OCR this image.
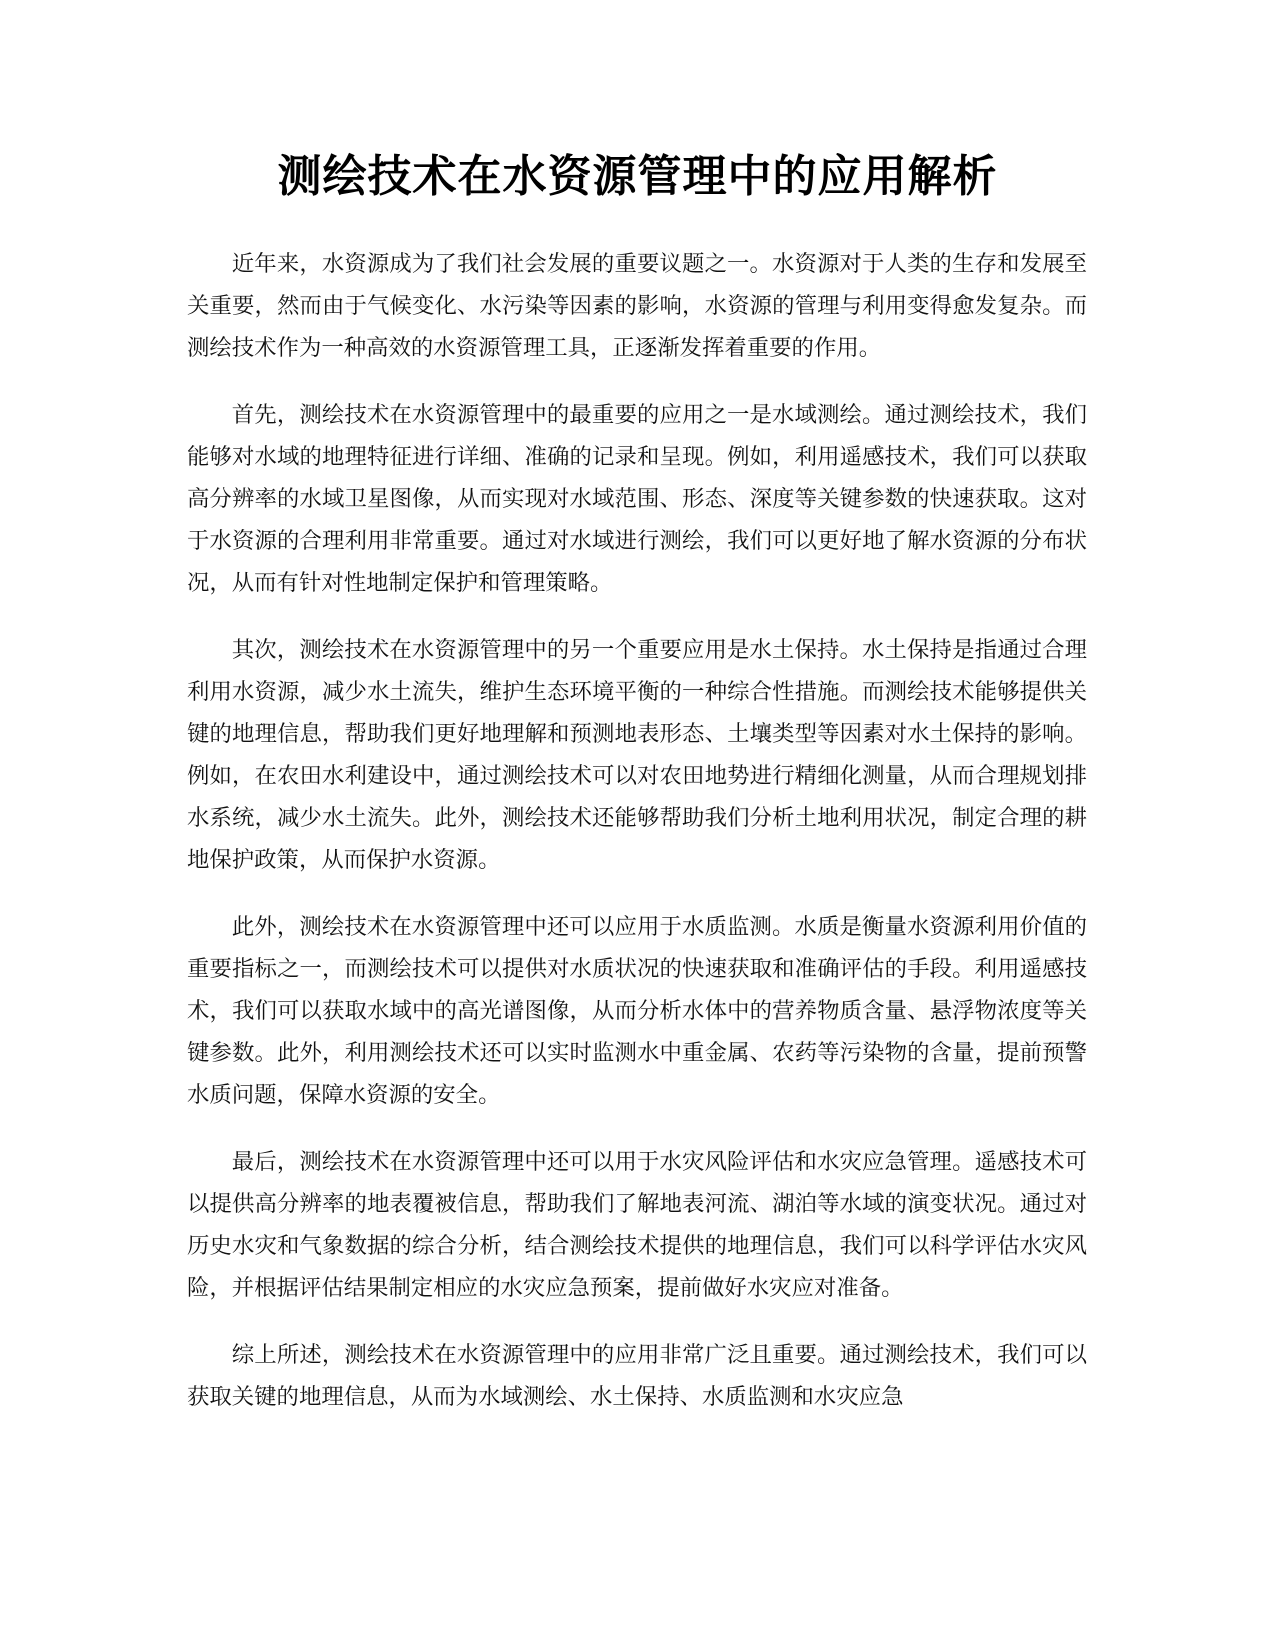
测绘技术在水资源管理中的应用解析

近年来，水资源成为了我们社会发展的重要议题之一。水资源对于人类的生存和发展至关重要，然而由于气候变化、水污染等因素的影响，水资源的管理与利用变得愈发复杂。而测绘技术作为一种高效的水资源管理工具，正逐渐发挥着重要的作用。

首先，测绘技术在水资源管理中的最重要的应用之一是水域测绘。通过测绘技术，我们能够对水域的地理特征进行详细、准确的记录和呈现。例如，利用遥感技术，我们可以获取高分辨率的水域卫星图像，从而实现对水域范围、形态、深度等关键参数的快速获取。这对于水资源的合理利用非常重要。通过对水域进行测绘，我们可以更好地了解水资源的分布状况，从而有针对性地制定保护和管理策略。

其次，测绘技术在水资源管理中的另一个重要应用是水土保持。水土保持是指通过合理利用水资源，减少水土流失，维护生态环境平衡的一种综合性措施。而测绘技术能够提供关键的地理信息，帮助我们更好地理解和预测地表形态、土壤类型等因素对水土保持的影响。例如，在农田水利建设中，通过测绘技术可以对农田地势进行精细化测量，从而合理规划排水系统，减少水土流失。此外，测绘技术还能够帮助我们分析土地利用状况，制定合理的耕地保护政策，从而保护水资源。

此外，测绘技术在水资源管理中还可以应用于水质监测。水质是衡量水资源利用价值的重要指标之一，而测绘技术可以提供对水质状况的快速获取和准确评估的手段。利用遥感技术，我们可以获取水域中的高光谱图像，从而分析水体中的营养物质含量、悬浮物浓度等关键参数。此外，利用测绘技术还可以实时监测水中重金属、农药等污染物的含量，提前预警水质问题，保障水资源的安全。

最后，测绘技术在水资源管理中还可以用于水灾风险评估和水灾应急管理。遥感技术可以提供高分辨率的地表覆被信息，帮助我们了解地表河流、湖泊等水域的演变状况。通过对历史水灾和气象数据的综合分析，结合测绘技术提供的地理信息，我们可以科学评估水灾风险，并根据评估结果制定相应的水灾应急预案，提前做好水灾应对准备。

综上所述，测绘技术在水资源管理中的应用非常广泛且重要。通过测绘技术，我们可以获取关键的地理信息，从而为水域测绘、水土保持、水质监测和水灾应急
